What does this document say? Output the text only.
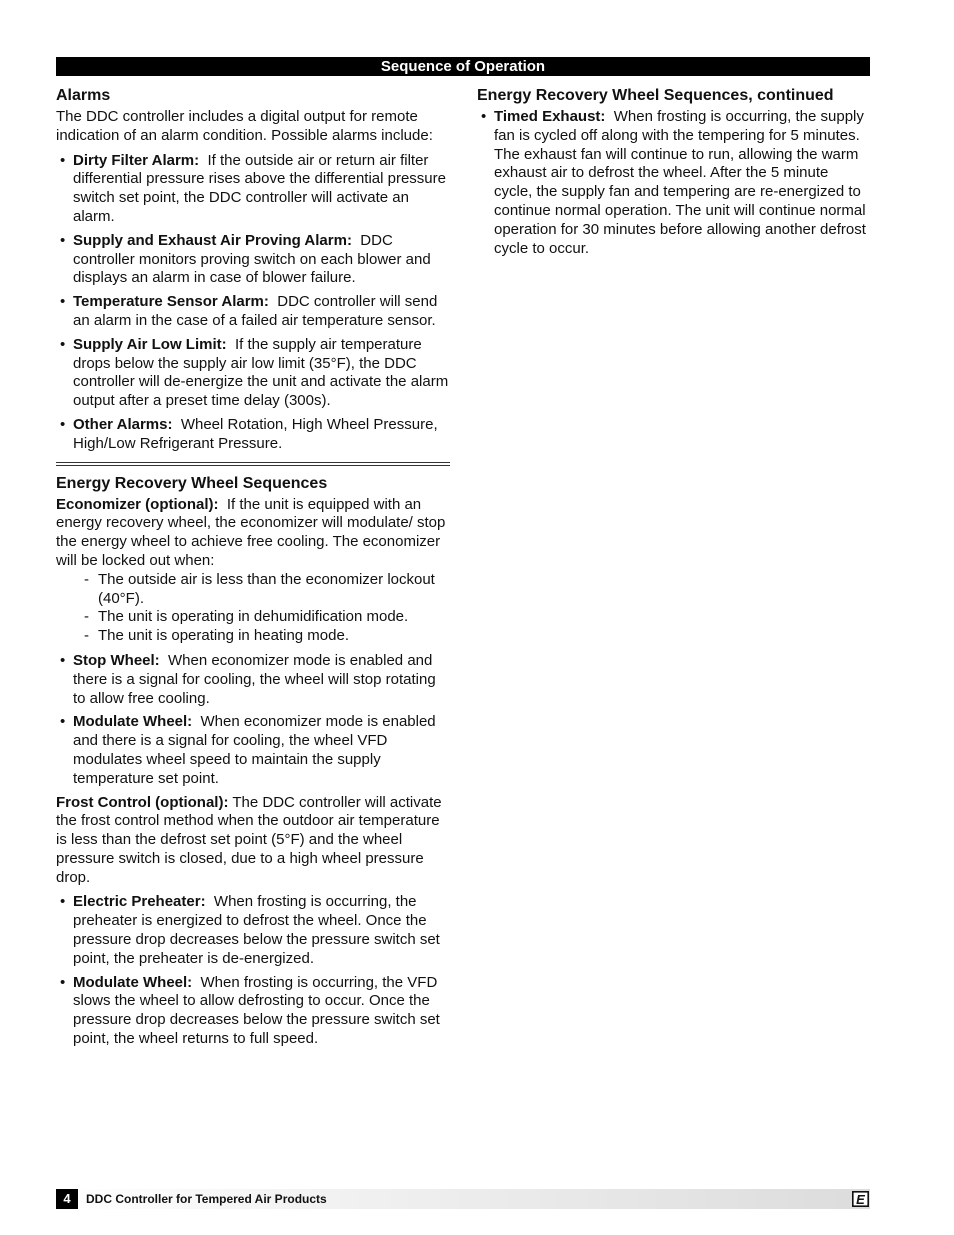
Sequence of Operation
Alarms

The DDC controller includes a digital output for remote indication of an alarm condition. Possible alarms include:

• Dirty Filter Alarm: If the outside air or return air filter differential pressure rises above the differential pressure switch set point, the DDC controller will activate an alarm.
• Supply and Exhaust Air Proving Alarm: DDC controller monitors proving switch on each blower and displays an alarm in case of blower failure.
• Temperature Sensor Alarm: DDC controller will send an alarm in the case of a failed air temperature sensor.
• Supply Air Low Limit: If the supply air temperature drops below the supply air low limit (35°F), the DDC controller will de-energize the unit and activate the alarm output after a preset time delay (300s).
• Other Alarms: Wheel Rotation, High Wheel Pressure, High/Low Refrigerant Pressure.
Energy Recovery Wheel Sequences

Economizer (optional): If the unit is equipped with an energy recovery wheel, the economizer will modulate/ stop the energy wheel to achieve free cooling. The economizer will be locked out when:

- The outside air is less than the economizer lockout (40°F).
- The unit is operating in dehumidification mode.
- The unit is operating in heating mode.
• Stop Wheel: When economizer mode is enabled and there is a signal for cooling, the wheel will stop rotating to allow free cooling.
• Modulate Wheel: When economizer mode is enabled and there is a signal for cooling, the wheel VFD modulates wheel speed to maintain the supply temperature set point.

Frost Control (optional): The DDC controller will activate the frost control method when the outdoor air temperature is less than the defrost set point (5°F) and the wheel pressure switch is closed, due to a high wheel pressure drop.

• Electric Preheater: When frosting is occurring, the preheater is energized to defrost the wheel. Once the pressure drop decreases below the pressure switch set point, the preheater is de-energized.
• Modulate Wheel: When frosting is occurring, the VFD slows the wheel to allow defrosting to occur. Once the pressure drop decreases below the pressure switch set point, the wheel returns to full speed.
Energy Recovery Wheel Sequences, continued
• Timed Exhaust: When frosting is occurring, the supply fan is cycled off along with the tempering for 5 minutes. The exhaust fan will continue to run, allowing the warm exhaust air to defrost the wheel. After the 5 minute cycle, the supply fan and tempering are re-energized to continue normal operation. The unit will continue normal operation for 30 minutes before allowing another defrost cycle to occur.
4	DDC Controller for Tempered Air Products	E
